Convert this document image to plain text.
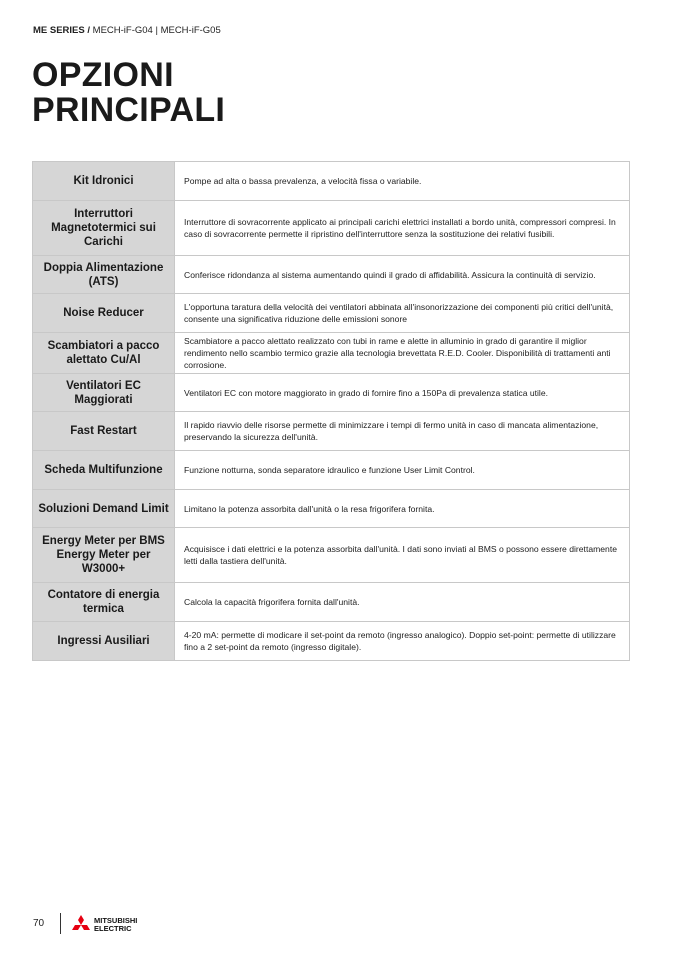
ME SERIES / MECH-iF-G04 | MECH-iF-G05
OPZIONI
PRINCIPALI
Kit Idronici	Pompe ad alta o bassa prevalenza, a velocità fissa o variabile.
Interruttori Magnetotermici sui Carichi	Interruttore di sovracorrente applicato ai principali carichi elettrici installati a bordo unità, compressori compresi. In caso di sovracorrente permette il ripristino dell'interruttore senza la sostituzione dei relativi fusibili.
Doppia Alimentazione (ATS)	Conferisce ridondanza al sistema aumentando quindi il grado di affidabilità. Assicura la continuità di servizio.
Noise Reducer	L'opportuna taratura della velocità dei ventilatori abbinata all'insonorizzazione dei componenti più critici dell'unità, consente una significativa riduzione delle emissioni sonore
Scambiatori a pacco alettato Cu/Al	Scambiatore a pacco alettato realizzato con tubi in rame e alette in alluminio in grado di garantire il miglior rendimento nello scambio termico grazie alla tecnologia brevettata R.E.D. Cooler. Disponibilità di trattamenti anti corrosione.
Ventilatori EC Maggiorati	Ventilatori EC con motore maggiorato in grado di fornire fino a 150Pa di prevalenza statica utile.
Fast Restart	Il rapido riavvio delle risorse permette di minimizzare i tempi di fermo unità in caso di mancata alimentazione, preservando la sicurezza dell'unità.
Scheda Multifunzione	Funzione notturna, sonda separatore idraulico e funzione User Limit Control.
Soluzioni Demand Limit	Limitano la potenza assorbita dall'unità o la resa frigorifera fornita.
Energy Meter per BMS Energy Meter per W3000+	Acquisisce i dati elettrici e la potenza assorbita dall'unità. I dati sono inviati al BMS o possono essere direttamente letti dalla tastiera dell'unità.
Contatore di energia termica	Calcola la capacità frigorifera fornita dall'unità.
Ingressi Ausiliari	4-20 mA: permette di modicare il set-point da remoto (ingresso analogico). Doppio set-point: permette di utilizzare fino a 2 set-point da remoto (ingresso digitale).
70	MITSUBISHI
ELECTRIC
